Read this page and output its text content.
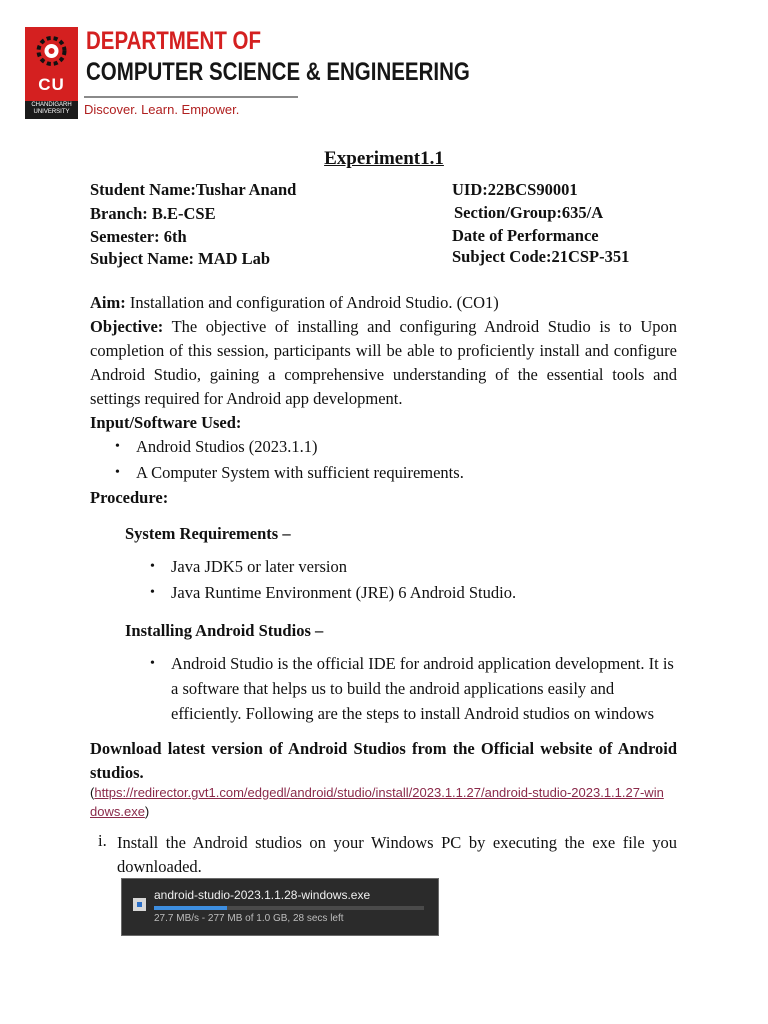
CU
CHANDIGARH UNIVERSITY
DEPARTMENT OF
COMPUTER SCIENCE & ENGINEERING
Discover. Learn. Empower.
Experiment1.1
Student Name:Tushar Anand	UID:22BCS90001
Branch: B.E-CSE	Section/Group:635/A
Semester: 6th	Date of Performance
Subject Name: MAD Lab	Subject Code:21CSP-351
Aim: Installation and configuration of Android Studio. (CO1)
Objective: The objective of installing and configuring Android Studio is to Upon completion of this session, participants will be able to proficiently install and configure Android Studio, gaining a comprehensive understanding of the essential tools and settings required for Android app development.
Input/Software Used:
• Android Studios (2023.1.1)
• A Computer System with sufficient requirements.
Procedure:
System Requirements –
• Java JDK5 or later version
• Java Runtime Environment (JRE) 6 Android Studio.
Installing Android Studios –
• Android Studio is the official IDE for android application development. It is a software that helps us to build the android applications easily and efficiently. Following are the steps to install Android studios on windows
Download latest version of Android Studios from the Official website of Android studios.
(https://redirector.gvt1.com/edgedl/android/studio/install/2023.1.1.27/android-studio-2023.1.1.27-windows.exe)
i. Install the Android studios on your Windows PC by executing the exe file you downloaded.
android-studio-2023.1.1.28-windows.exe
27.7 MB/s - 277 MB of 1.0 GB, 28 secs left
